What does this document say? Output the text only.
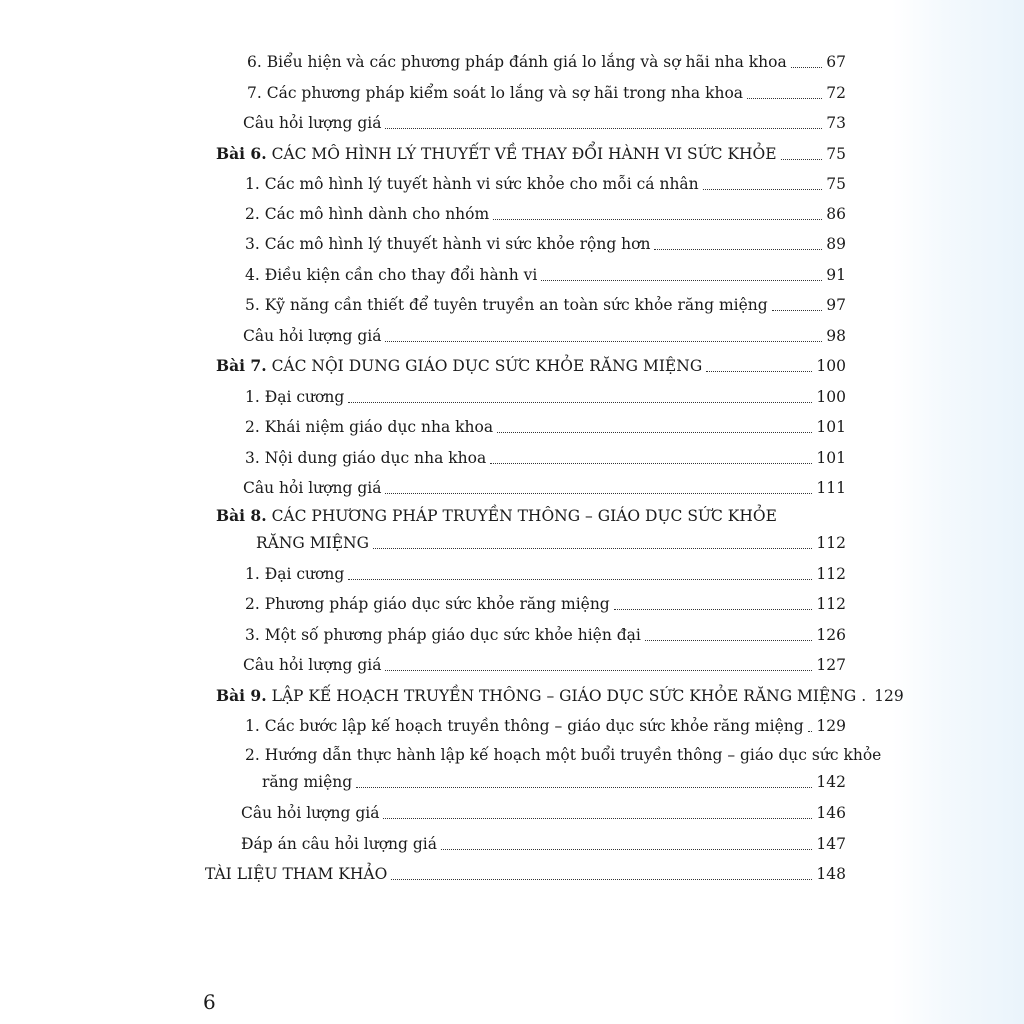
6. Biểu hiện và các phương pháp đánh giá lo lắng và sợ hãi nha khoa	67
7. Các phương pháp kiểm soát lo lắng và sợ hãi trong nha khoa	72
Câu hỏi lượng giá	73
Bài 6. CÁC MÔ HÌNH LÝ THUYẾT VỀ THAY ĐỔI HÀNH VI SỨC KHỎE	75
1. Các mô hình lý tuyết hành vi sức khỏe cho mỗi cá nhân	75
2. Các mô hình dành cho nhóm	86
3. Các mô hình lý thuyết hành vi sức khỏe rộng hơn	89
4. Điều kiện cần cho thay đổi hành vi	91
5. Kỹ năng cần thiết để tuyên truyền an toàn sức khỏe răng miệng	97
Câu hỏi lượng giá	98
Bài 7. CÁC NỘI DUNG GIÁO DỤC SỨC KHỎE RĂNG MIỆNG	100
1. Đại cương	100
2. Khái niệm giáo dục nha khoa	101
3. Nội dung giáo dục nha khoa	101
Câu hỏi lượng giá	111
Bài 8. CÁC PHƯƠNG PHÁP TRUYỀN THÔNG – GIÁO DỤC SỨC KHỎE
RĂNG MIỆNG	112
1. Đại cương	112
2. Phương pháp giáo dục sức khỏe răng miệng	112
3. Một số phương pháp giáo dục sức khỏe hiện đại	126
Câu hỏi lượng giá	127
Bài 9. LẬP KẾ HOẠCH TRUYỀN THÔNG – GIÁO DỤC SỨC KHỎE RĂNG MIỆNG . 129
1. Các bước lập kế hoạch truyền thông – giáo dục sức khỏe răng miệng 129
2. Hướng dẫn thực hành lập kế hoạch một buổi truyền thông – giáo dục sức khỏe
răng miệng	142
Câu hỏi lượng giá	146
Đáp án câu hỏi lượng giá	147
TÀI LIỆU THAM KHẢO	148
6
